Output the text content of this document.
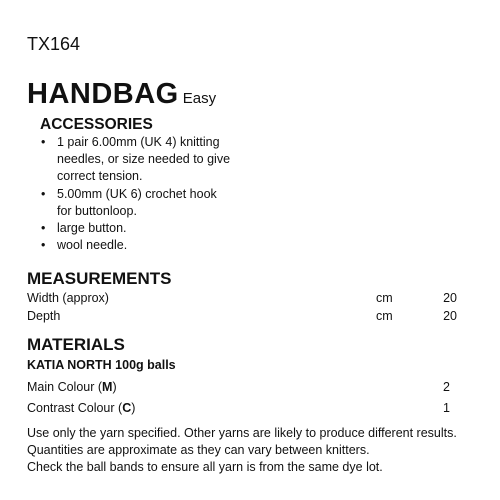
TX164
HANDBAG Easy
ACCESSORIES
• 1 pair 6.00mm (UK 4) knitting
needles, or size needed to give
correct tension.
• 5.00mm (UK 6) crochet hook
for buttonloop.
• large button.
• wool needle.
MEASUREMENTS
Width (approx)	cm	20
Depth	cm	20
MATERIALS
KATIA NORTH 100g balls
Main Colour (M)	2
Contrast Colour (C)	1
Use only the yarn specified. Other yarns are likely to produce different results.
Quantities are approximate as they can vary between knitters.
Check the ball bands to ensure all yarn is from the same dye lot.
